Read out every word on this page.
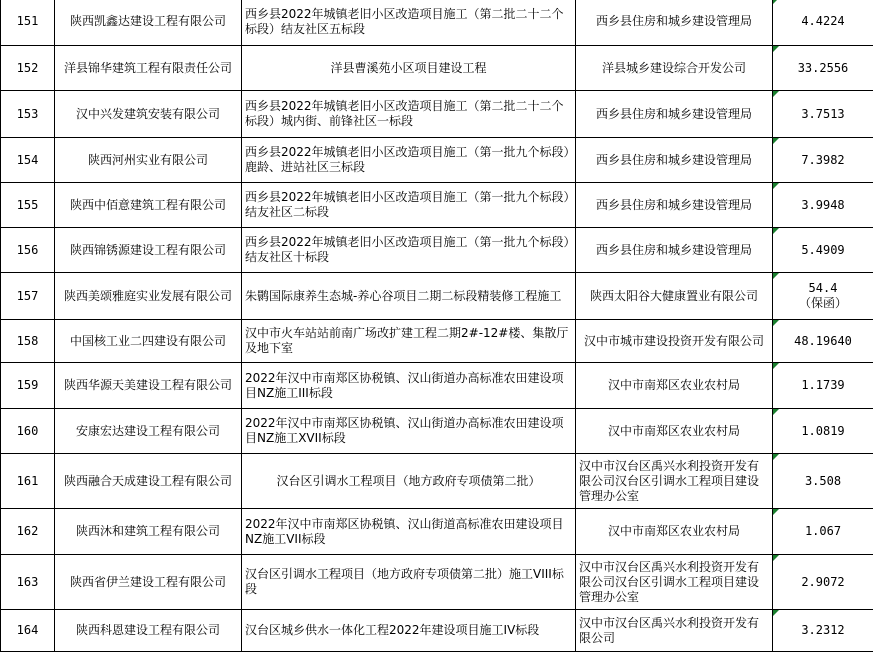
151	陕西凯鑫达建设工程有限公司	西乡县2022年城镇老旧小区改造项目施工（第二批二十二个标段）结友社区五标段	西乡县住房和城乡建设管理局	4.4224
152	洋县锦华建筑工程有限责任公司	洋县曹溪苑小区项目建设工程	洋县城乡建设综合开发公司	33.2556
153	汉中兴发建筑安装有限公司	西乡县2022年城镇老旧小区改造项目施工（第二批二十二个标段）城内街、前锋社区一标段	西乡县住房和城乡建设管理局	3.7513
154	陕西河州实业有限公司	西乡县2022年城镇老旧小区改造项目施工（第一批九个标段）鹿龄、进站社区三标段	西乡县住房和城乡建设管理局	7.3982
155	陕西中佰意建筑工程有限公司	西乡县2022年城镇老旧小区改造项目施工（第一批九个标段）结友社区二标段	西乡县住房和城乡建设管理局	3.9948
156	陕西锦锈源建设工程有限公司	西乡县2022年城镇老旧小区改造项目施工（第一批九个标段）结友社区十标段	西乡县住房和城乡建设管理局	5.4909
157	陕西美颂雅庭实业发展有限公司	朱鹮国际康养生态城-养心谷项目二期二标段精装修工程施工	陕西太阳谷大健康置业有限公司	54.4
（保函）
158	中国核工业二四建设有限公司	汉中市火车站站前南广场改扩建工程二期2#-12#楼、集散厅及地下室	汉中市城市建设投资开发有限公司	48.19640
159	陕西华源天美建设工程有限公司	2022年汉中市南郑区协税镇、汉山街道办高标准农田建设项目NZ施工III标段	汉中市南郑区农业农村局	1.1739
160	安康宏达建设工程有限公司	2022年汉中市南郑区协税镇、汉山街道办高标准农田建设项目NZ施工XVII标段	汉中市南郑区农业农村局	1.0819
161	陕西融合天成建设工程有限公司	汉台区引调水工程项目（地方政府专项债第二批）	汉中市汉台区禹兴水利投资开发有限公司汉台区引调水工程项目建设管理办公室	3.508
162	陕西沐和建筑工程有限公司	2022年汉中市南郑区协税镇、汉山街道高标准农田建设项目NZ施工VII标段	汉中市南郑区农业农村局	1.067
163	陕西省伊兰建设工程有限公司	汉台区引调水工程项目（地方政府专项债第二批）施工VIII标段	汉中市汉台区禹兴水利投资开发有限公司汉台区引调水工程项目建设管理办公室	2.9072
164	陕西科恩建设工程有限公司	汉台区城乡供水一体化工程2022年建设项目施工IV标段	汉中市汉台区禹兴水利投资开发有限公司	3.2312
